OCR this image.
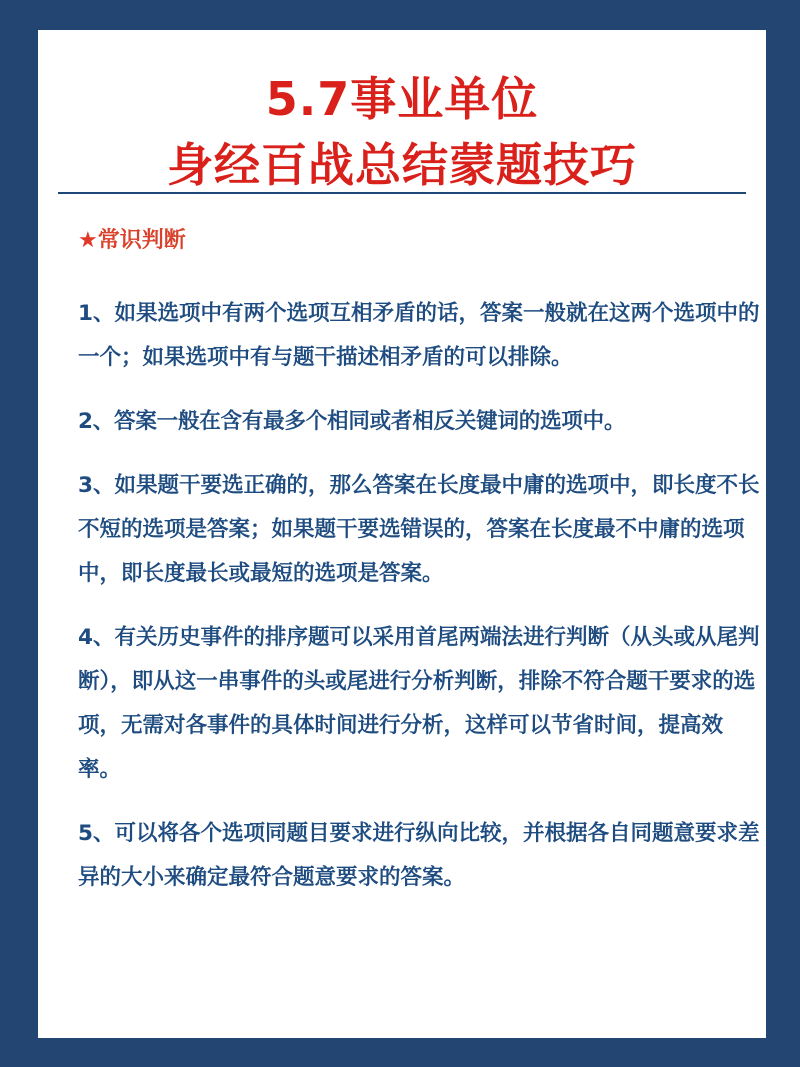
5.7事业单位
身经百战总结蒙题技巧
★常识判断

1、如果选项中有两个选项互相矛盾的话，答案一般就在这两个选项中的一个；如果选项中有与题干描述相矛盾的可以排除。

2、答案一般在含有最多个相同或者相反关键词的选项中。

3、如果题干要选正确的，那么答案在长度最中庸的选项中，即长度不长不短的选项是答案；如果题干要选错误的，答案在长度最不中庸的选项中，即长度最长或最短的选项是答案。

4、有关历史事件的排序题可以采用首尾两端法进行判断（从头或从尾判断），即从这一串事件的头或尾进行分析判断，排除不符合题干要求的选项，无需对各事件的具体时间进行分析，这样可以节省时间，提高效率。

5、可以将各个选项同题目要求进行纵向比较，并根据各自同题意要求差异的大小来确定最符合题意要求的答案。
